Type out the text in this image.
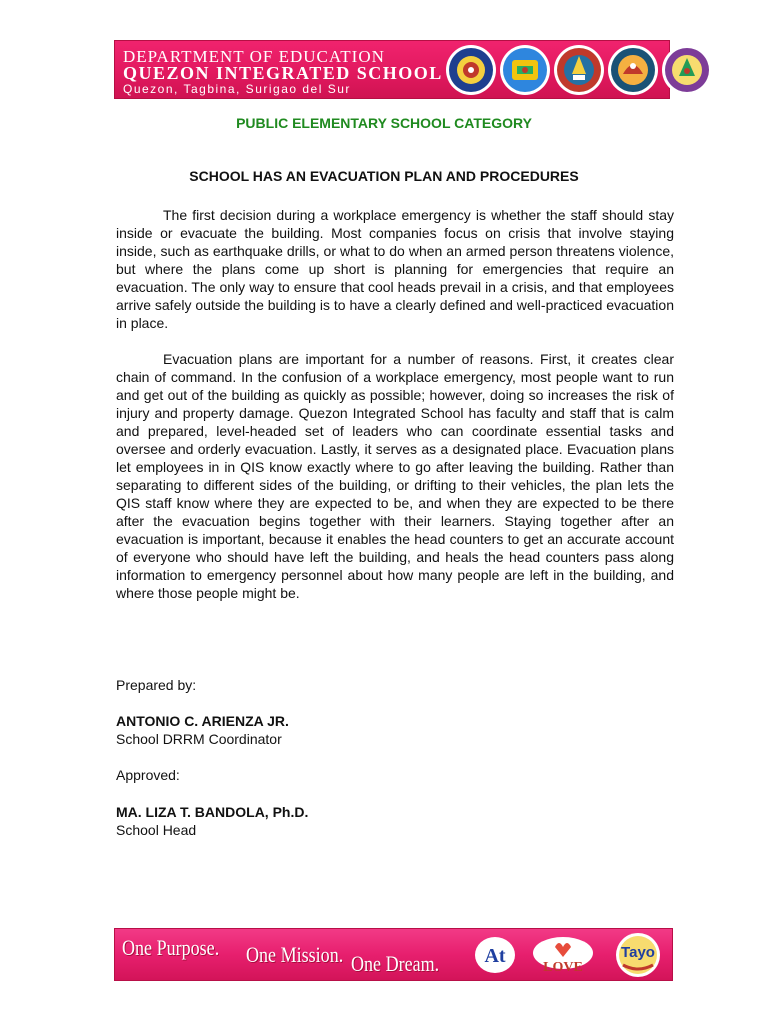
DEPARTMENT OF EDUCATION
QUEZON INTEGRATED SCHOOL
Quezon, Tagbina, Surigao del Sur
PUBLIC ELEMENTARY SCHOOL CATEGORY
SCHOOL HAS AN EVACUATION PLAN AND PROCEDURES

The first decision during a workplace emergency is whether the staff should stay inside or evacuate the building. Most companies focus on crisis that involve staying inside, such as earthquake drills, or what to do when an armed person threatens violence, but where the plans come up short is planning for emergencies that require an evacuation. The only way to ensure that cool heads prevail in a crisis, and that employees arrive safely outside the building is to have a clearly defined and well-practiced evacuation in place.

Evacuation plans are important for a number of reasons. First, it creates clear chain of command. In the confusion of a workplace emergency, most people want to run and get out of the building as quickly as possible; however, doing so increases the risk of injury and property damage. Quezon Integrated School has faculty and staff that is calm and prepared, level-headed set of leaders who can coordinate essential tasks and oversee and orderly evacuation. Lastly, it serves as a designated place. Evacuation plans let employees in in QIS know exactly where to go after leaving the building. Rather than separating to different sides of the building, or drifting to their vehicles, the plan lets the QIS staff know where they are expected to be, and when they are expected to be there after the evacuation begins together with their learners. Staying together after an evacuation is important, because it enables the head counters to get an accurate account of everyone who should have left the building, and heals the head counters pass along information to emergency personnel about how many people are left in the building, and where those people might be.

Prepared by:
ANTONIO C. ARIENZA JR.
School DRRM Coordinator
Approved:
MA. LIZA T. BANDOLA, Ph.D.
School Head
One Purpose. One Mission. One Dream. At
LOVE
Tayo
